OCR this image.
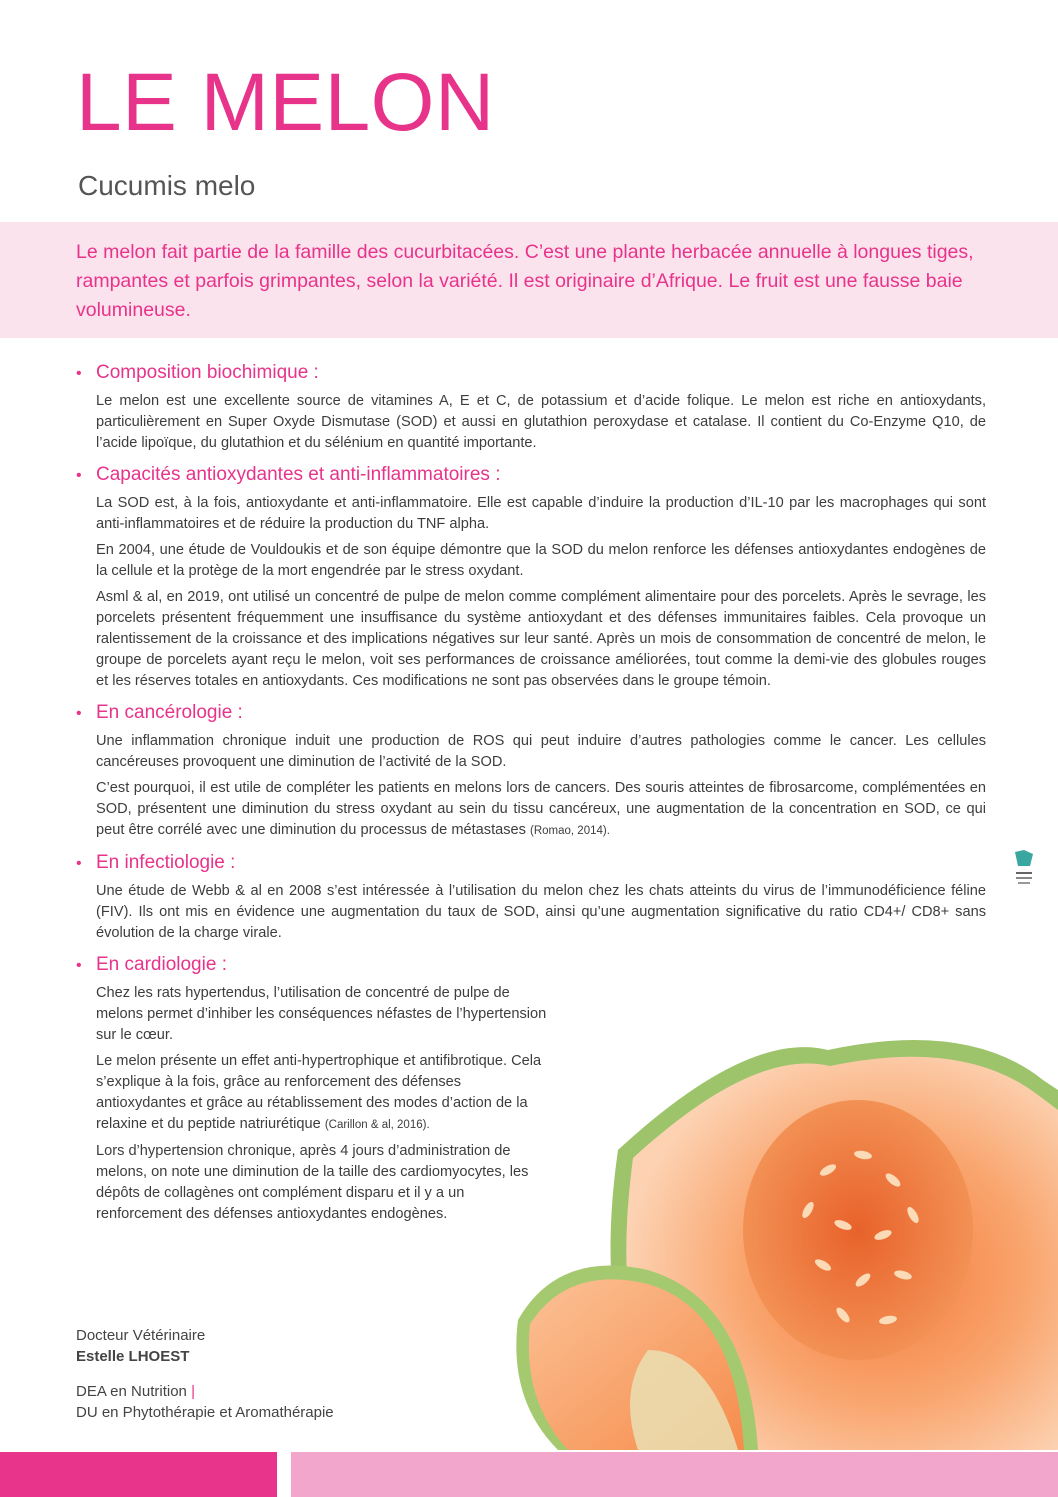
LE MELON
Cucumis melo
Le melon fait partie de la famille des cucurbitacées. C’est une plante herbacée annuelle à longues tiges, rampantes et parfois grimpantes, selon la variété. Il est originaire d’Afrique. Le fruit est une fausse baie volumineuse.
• Composition biochimique :

Le melon est une excellente source de vitamines A, E et C, de potassium et d’acide folique. Le melon est riche en antioxydants, particulièrement en Super Oxyde Dismutase (SOD) et aussi en glutathion peroxydase et catalase. Il contient du Co-Enzyme Q10, de l’acide lipoïque, du glutathion et du sélénium en quantité importante.

• Capacités antioxydantes et anti-inflammatoires :

La SOD est, à la fois, antioxydante et anti-inflammatoire. Elle est capable d’induire la production d’IL-10 par les macrophages qui sont anti-inflammatoires et de réduire la production du TNF alpha.

En 2004, une étude de Vouldoukis et de son équipe démontre que la SOD du melon renforce les défenses antioxydantes endogènes de la cellule et la protège de la mort engendrée par le stress oxydant.

Asml & al, en 2019, ont utilisé un concentré de pulpe de melon comme complément alimentaire pour des porcelets. Après le sevrage, les porcelets présentent fréquemment une insuffisance du système antioxydant et des défenses immunitaires faibles. Cela provoque un ralentissement de la croissance et des implications négatives sur leur santé. Après un mois de consommation de concentré de melon, le groupe de porcelets ayant reçu le melon, voit ses performances de croissance améliorées, tout comme la demi-vie des globules rouges et les réserves totales en antioxydants. Ces modifications ne sont pas observées dans le groupe témoin.

• En cancérologie :

Une inflammation chronique induit une production de ROS qui peut induire d’autres pathologies comme le cancer. Les cellules cancéreuses provoquent une diminution de l’activité de la SOD.

C’est pourquoi, il est utile de compléter les patients en melons lors de cancers. Des souris atteintes de fibrosarcome, complémentées en SOD, présentent une diminution du stress oxydant au sein du tissu cancéreux, une augmentation de la concentration en SOD, ce qui peut être corrélé avec une diminution du processus de métastases (Romao, 2014).

• En infectiologie :

Une étude de Webb & al en 2008 s’est intéressée à l’utilisation du melon chez les chats atteints du virus de l’immunodéficience féline (FIV). Ils ont mis en évidence une augmentation du taux de SOD, ainsi qu’une augmentation significative du ratio CD4+/ CD8+ sans évolution de la charge virale.

• En cardiologie :

Chez les rats hypertendus, l’utilisation de concentré de pulpe de melons permet d’inhiber les conséquences néfastes de l’hypertension sur le cœur.

Le melon présente un effet anti-hypertrophique et antifibrotique. Cela s’explique à la fois, grâce au renforcement des défenses antioxydantes et grâce au rétablissement des modes d’action de la relaxine et du peptide natriurétique (Carillon & al, 2016).

Lors d’hypertension chronique, après 4 jours d’administration de melons, on note une diminution de la taille des cardiomyocytes, les dépôts de collagènes ont complément disparu et il y a un renforcement des défenses antioxydantes endogènes.

Docteur Vétérinaire
Estelle LHOEST
DEA en Nutrition |
DU en Phytothérapie et Aromathérapie
